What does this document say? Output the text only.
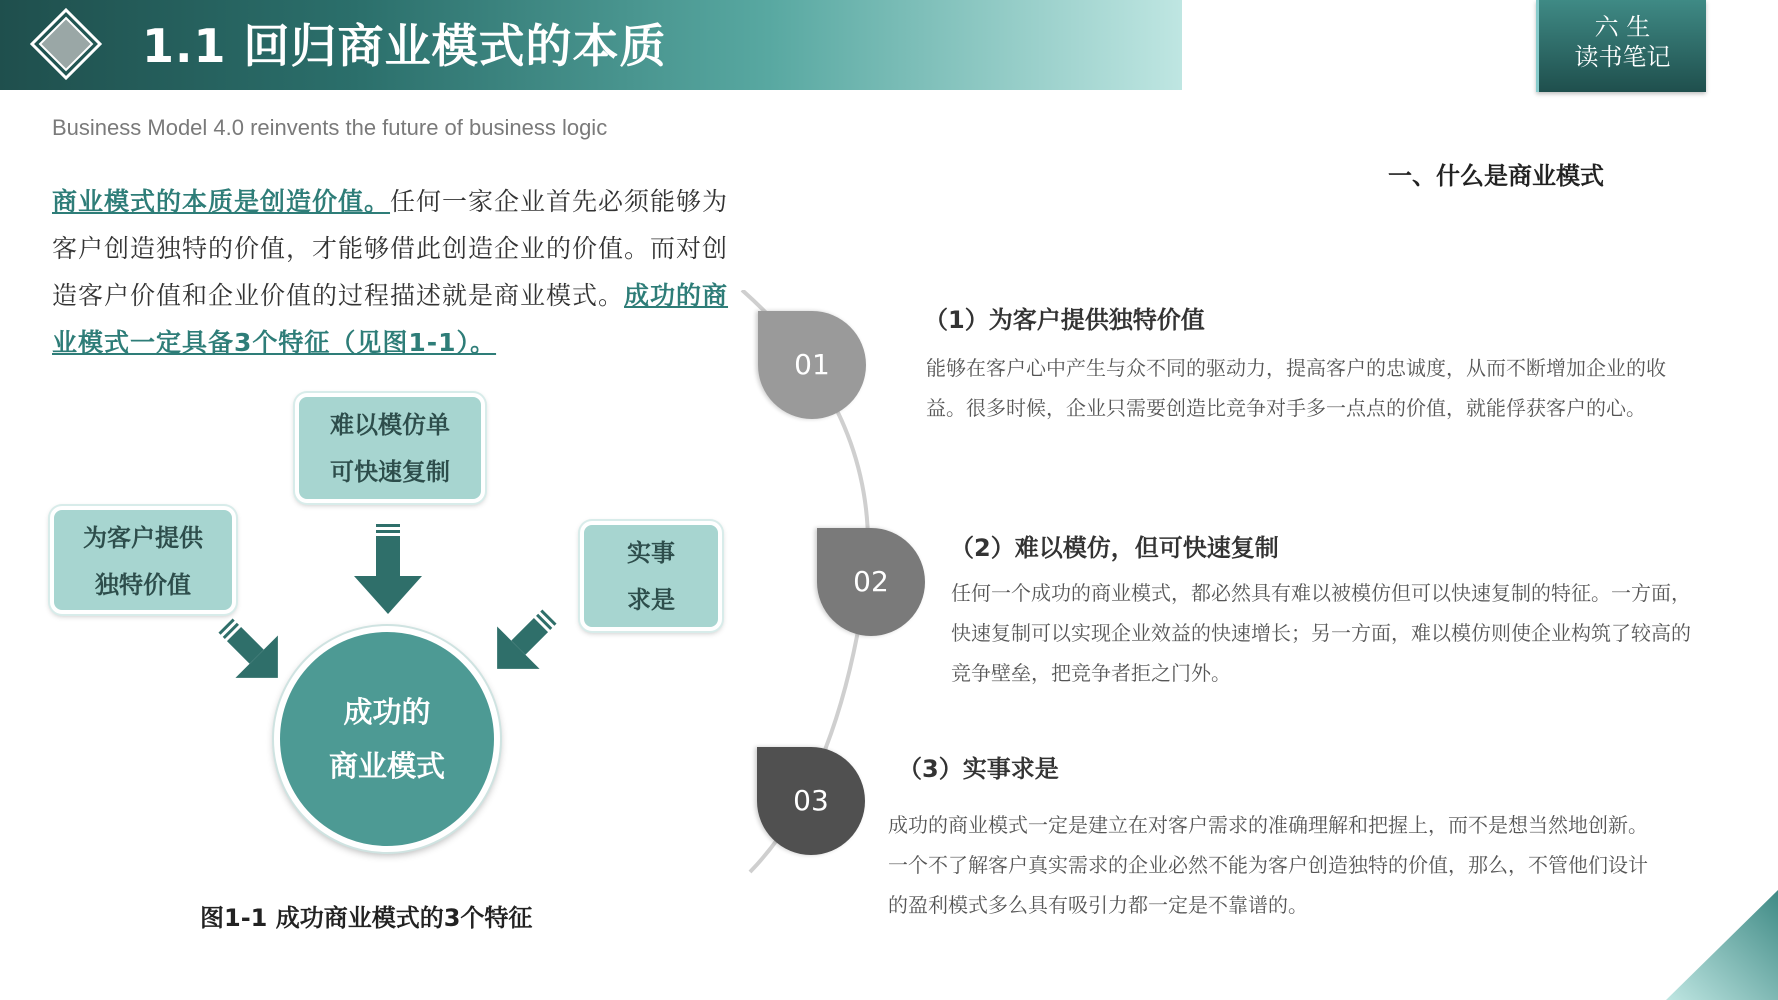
1.1 回归商业模式的本质	六 生
读书笔记
Business Model 4.0 reinvents the future of business logic
商业模式的本质是创造价值。任何一家企业首先必须能够为客户创造独特的价值，才能够借此创造企业的价值。而对创造客户价值和企业价值的过程描述就是商业模式。成功的商业模式一定具备3个特征（见图1-1）。
一、什么是商业模式
为客户提供
独特价值
难以模仿单
可快速复制
实事
求是
成功的
商业模式
图1-1 成功商业模式的3个特征
01
02
03
（1）为客户提供独特价值
能够在客户心中产生与众不同的驱动力，提高客户的忠诚度，从而不断增加企业的收益。很多时候，企业只需要创造比竞争对手多一点点的价值，就能俘获客户的心。
（2）难以模仿，但可快速复制
任何一个成功的商业模式，都必然具有难以被模仿但可以快速复制的特征。一方面，快速复制可以实现企业效益的快速增长；另一方面，难以模仿则使企业构筑了较高的竞争壁垒，把竞争者拒之门外。
（3）实事求是
成功的商业模式一定是建立在对客户需求的准确理解和把握上，而不是想当然地创新。一个不了解客户真实需求的企业必然不能为客户创造独特的价值，那么，不管他们设计的盈利模式多么具有吸引力都一定是不靠谱的。
